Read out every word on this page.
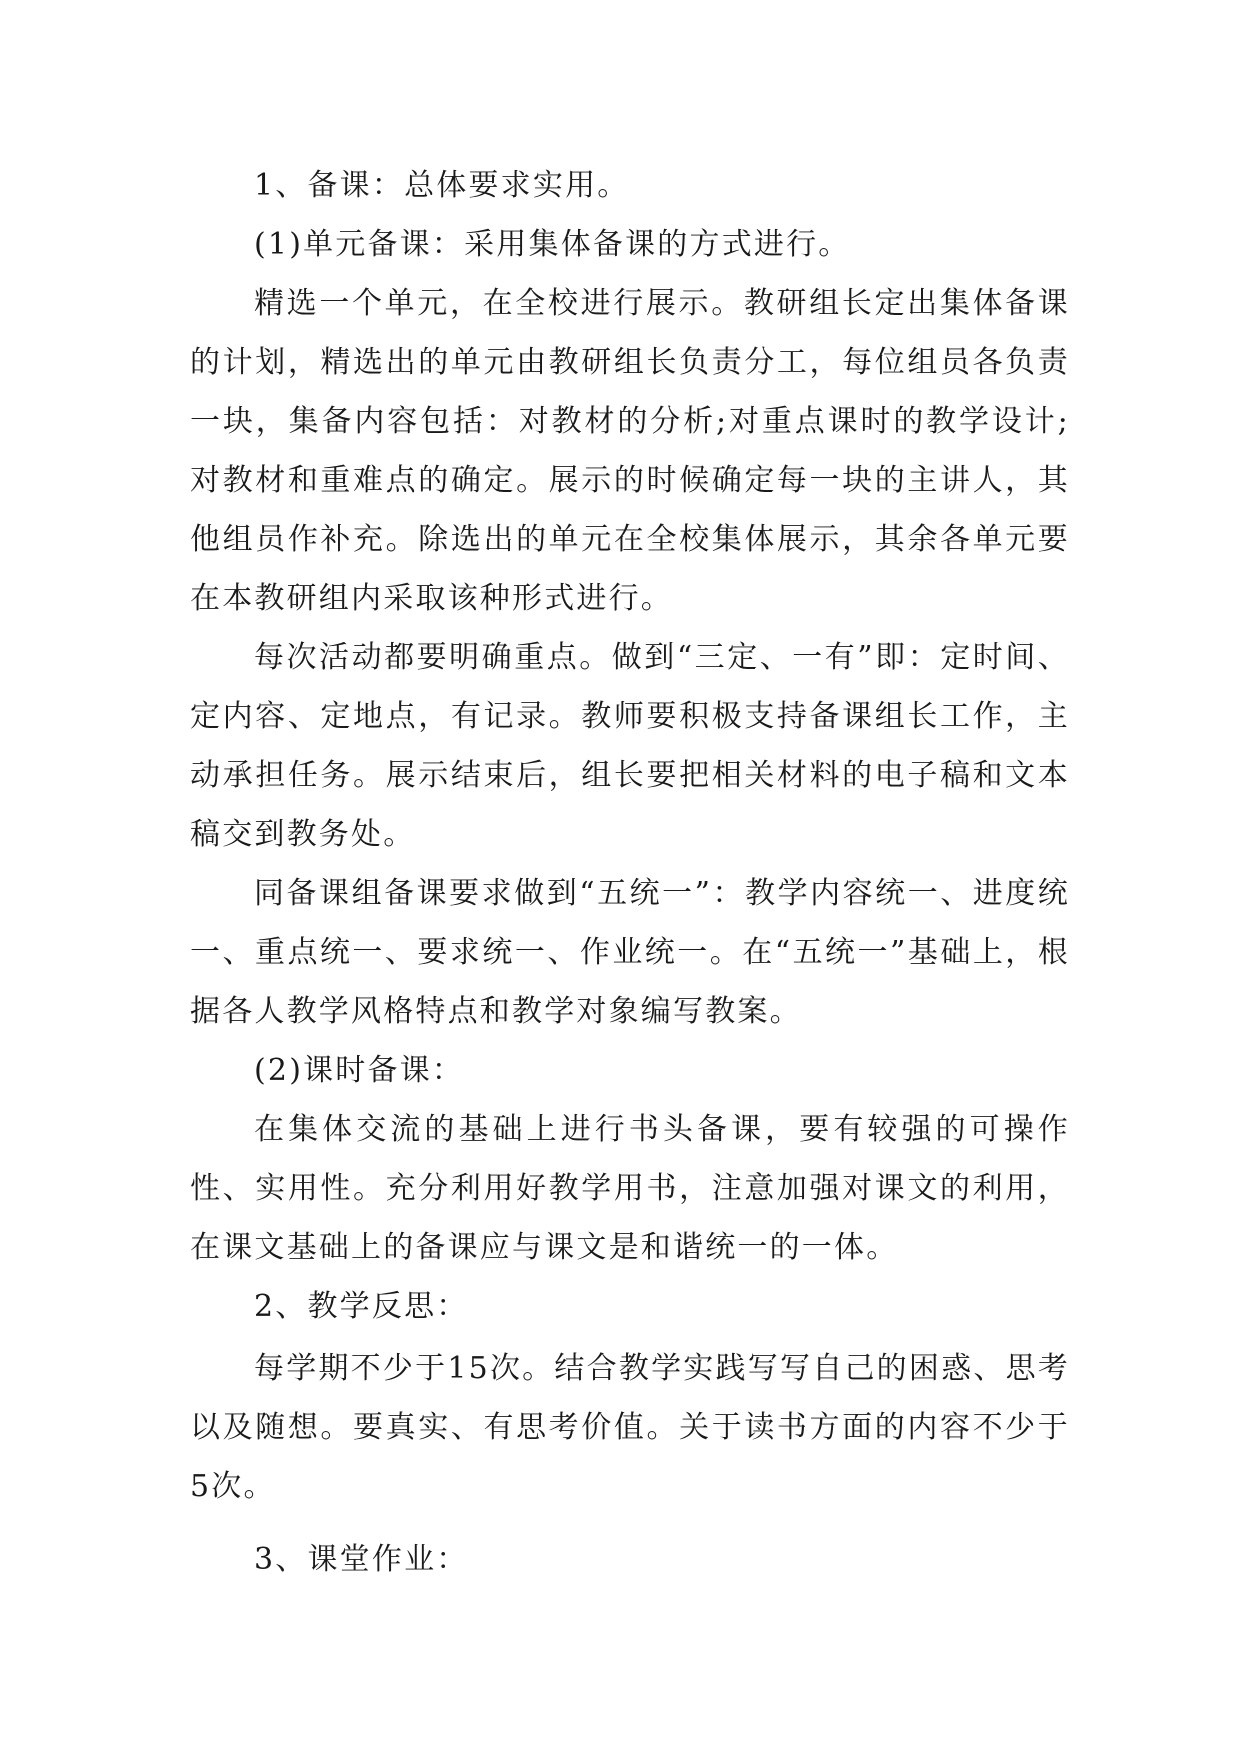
1、备课：总体要求实用。

(1)单元备课：采用集体备课的方式进行。

精选一个单元，在全校进行展示。教研组长定出集体备课的计划，精选出的单元由教研组长负责分工，每位组员各负责一块，集备内容包括：对教材的分析;对重点课时的教学设计;对教材和重难点的确定。展示的时候确定每一块的主讲人，其他组员作补充。除选出的单元在全校集体展示，其余各单元要在本教研组内采取该种形式进行。

每次活动都要明确重点。做到“三定、一有”即：定时间、定内容、定地点，有记录。教师要积极支持备课组长工作，主动承担任务。展示结束后，组长要把相关材料的电子稿和文本稿交到教务处。

同备课组备课要求做到“五统一”：教学内容统一、进度统一、重点统一、要求统一、作业统一。在“五统一”基础上，根据各人教学风格特点和教学对象编写教案。

(2)课时备课：

在集体交流的基础上进行书头备课，要有较强的可操作性、实用性。充分利用好教学用书，注意加强对课文的利用，在课文基础上的备课应与课文是和谐统一的一体。

2、教学反思：

每学期不少于15次。结合教学实践写写自己的困惑、思考以及随想。要真实、有思考价值。关于读书方面的内容不少于5次。

3、课堂作业：
